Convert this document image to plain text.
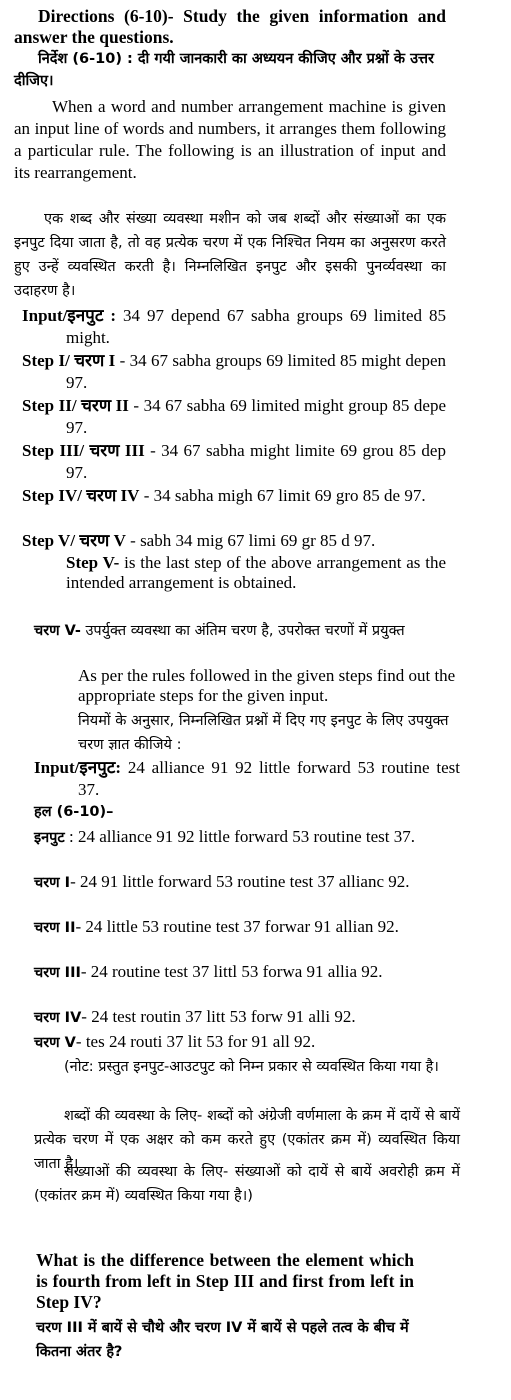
Directions (6-10)- Study the given information and answer the questions.
निर्देश (6-10) : दी गयी जानकारी का अध्ययन कीजिए और प्रश्नों के उत्तर दीजिए।
When a word and number arrangement machine is given an input line of words and numbers, it arranges them following a particular rule. The following is an illustration of input and its rearrangement.
एक शब्द और संख्या व्यवस्था मशीन को जब शब्दों और संख्याओं का एक इनपुट दिया जाता है, तो वह प्रत्येक चरण में एक निश्चित नियम का अनुसरण करते हुए उन्हें व्यवस्थित करती है। निम्नलिखित इनपुट और इसकी पुनर्व्यवस्था का उदाहरण है।
Input/इनपुट : 34 97 depend 67 sabha groups 69 limited 85 might.
Step I/ चरण I - 34 67 sabha groups 69 limited 85 might depen 97.
Step II/ चरण II - 34 67 sabha 69 limited might group 85 depe 97.
Step III/ चरण III - 34 67 sabha might limite 69 grou 85 dep 97.
Step IV/ चरण IV - 34 sabha migh 67 limit 69 gro 85 de 97.
Step V/ चरण V - sabh 34 mig 67 limi 69 gr 85 d 97.
Step V- is the last step of the above arrangement as the intended arrangement is obtained.
चरण V- उपर्युक्त व्यवस्था का अंतिम चरण है, उपरोक्त चरणों में प्रयुक्त
As per the rules followed in the given steps find out the appropriate steps for the given input.
नियमों के अनुसार, निम्नलिखित प्रश्नों में दिए गए इनपुट के लिए उपयुक्त चरण ज्ञात कीजिये :
Input/इनपुट: 24 alliance 91 92 little forward 53 routine test 37.
हल (6-10)–
इनपुट : 24 alliance 91 92 little forward 53 routine test 37.
चरण I- 24 91 little forward 53 routine test 37 allianc 92.
चरण II- 24 little 53 routine test 37 forwar 91 allian 92.
चरण III- 24 routine test 37 littl 53 forwa 91 allia 92.
चरण IV- 24 test routin 37 litt 53 forw 91 alli 92.
चरण V- tes 24 routi 37 lit 53 for 91 all 92.
(नोट: प्रस्तुत इनपुट-आउटपुट को निम्न प्रकार से व्यवस्थित किया गया है।
शब्दों की व्यवस्था के लिए- शब्दों को अंग्रेजी वर्णमाला के क्रम में दायें से बायें प्रत्येक चरण में एक अक्षर को कम करते हुए (एकांतर क्रम में) व्यवस्थित किया जाता है।
संख्याओं की व्यवस्था के लिए- संख्याओं को दायें से बायें अवरोही क्रम में (एकांतर क्रम में) व्यवस्थित किया गया है।)
What is the difference between the element which is fourth from left in Step III and first from left in Step IV?
चरण III में बायें से चौथे और चरण IV में बायें से पहले तत्व के बीच में कितना अंतर है?
